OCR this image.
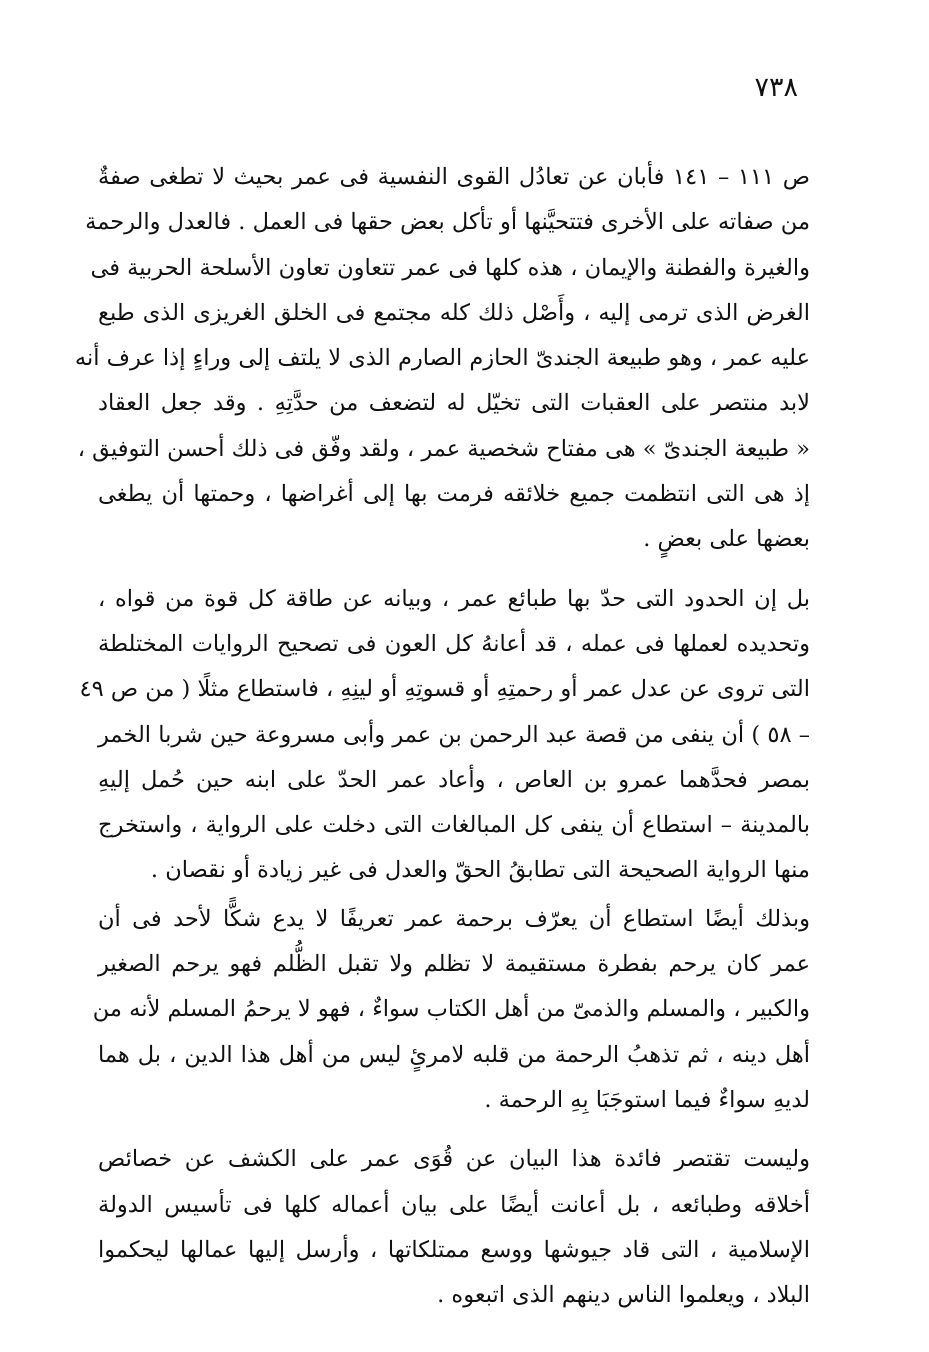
٧٣٨
ص ١١١ – ١٤١ فأبان عن تعادُل القوى النفسية فى عمر بحيث لا تطغى صفةٌ
من صفاته على الأخرى فتتحيَّنها أو تأكل بعض حقها فى العمل . فالعدل والرحمة
والغيرة والفطنة والإيمان ، هذه كلها فى عمر تتعاون تعاون الأسلحة الحربية فى
الغرض الذى ترمى إليه ، وأَصْل ذلك كله مجتمع فى الخلق الغريزى الذى طبع
عليه عمر ، وهو طبيعة الجندىّ الحازم الصارم الذى لا يلتف إلى وراءٍ إذا عرف أنه
لابد منتصر على العقبات التى تخيّل له لتضعف من حدَّتِهِ . وقد جعل العقاد
« طبيعة الجندىّ » هى مفتاح شخصية عمر ، ولقد وفّق فى ذلك أحسن التوفيق ،
إذ هى التى انتظمت جميع خلائقه فرمت بها إلى أغراضها ، وحمتها أن يطغى
بعضها على بعضٍ .
بل إن الحدود التى حدّ بها طبائع عمر ، وبيانه عن طاقة كل قوة من قواه ،
وتحديده لعملها فى عمله ، قد أعانهُ كل العون فى تصحيح الروايات المختلطة
التى تروى عن عدل عمر أو رحمتِهِ أو قسوتِهِ أو لينِهِ ، فاستطاع مثلًا ( من ص ٤٩
– ٥٨ ) أن ينفى من قصة عبد الرحمن بن عمر وأبى مسروعة حين شربا الخمر
بمصر فحدَّهما عمرو بن العاص ، وأعاد عمر الحدّ على ابنه حين حُمل إليهِ
بالمدينة – استطاع أن ينفى كل المبالغات التى دخلت على الرواية ، واستخرج
منها الرواية الصحيحة التى تطابقُ الحقّ والعدل فى غير زيادة أو نقصان .
وبذلك أيضًا استطاع أن يعرّف برحمة عمر تعريفًا لا يدع شكًّا لأحد فى أن
عمر كان يرحم بفطرة مستقيمة لا تظلم ولا تقبل الظُّلم فهو يرحم الصغير
والكبير ، والمسلم والذمىّ من أهل الكتاب سواءٌ ، فهو لا يرحمُ المسلم لأنه من
أهل دينه ، ثم تذهبُ الرحمة من قلبه لامرئٍ ليس من أهل هذا الدين ، بل هما
لديهِ سواءٌ فيما استوجَبَا بِهِ الرحمة .
وليست تقتصر فائدة هذا البيان عن قُوَى عمر على الكشف عن خصائص
أخلاقه وطبائعه ، بل أعانت أيضًا على بيان أعماله كلها فى تأسيس الدولة
الإسلامية ، التى قاد جيوشها ووسع ممتلكاتها ، وأرسل إليها عمالها ليحكموا
البلاد ، ويعلموا الناس دينهم الذى اتبعوه .
